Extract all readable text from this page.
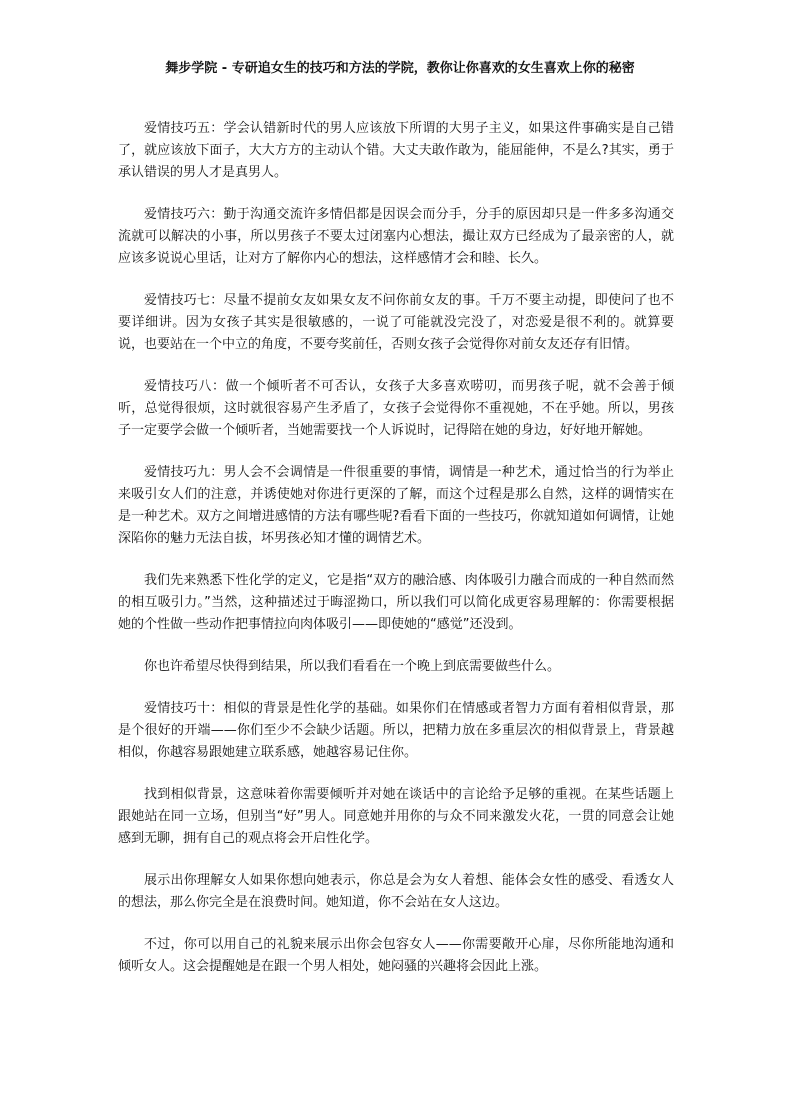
舞步学院 - 专研追女生的技巧和方法的学院，教你让你喜欢的女生喜欢上你的秘密

爱情技巧五：学会认错新时代的男人应该放下所谓的大男子主义，如果这件事确实是自己错了，就应该放下面子，大大方方的主动认个错。大丈夫敢作敢为，能屈能伸，不是么?其实，勇于承认错误的男人才是真男人。

爱情技巧六：勤于沟通交流许多情侣都是因误会而分手，分手的原因却只是一件多多沟通交流就可以解决的小事，所以男孩子不要太过闭塞内心想法，撮让双方已经成为了最亲密的人，就应该多说说心里话，让对方了解你内心的想法，这样感情才会和睦、长久。

爱情技巧七：尽量不提前女友如果女友不问你前女友的事。千万不要主动提，即使问了也不要详细讲。因为女孩子其实是很敏感的，一说了可能就没完没了，对恋爱是很不利的。就算要说，也要站在一个中立的角度，不要夸奖前任，否则女孩子会觉得你对前女友还存有旧情。

爱情技巧八：做一个倾听者不可否认，女孩子大多喜欢唠叨，而男孩子呢，就不会善于倾听，总觉得很烦，这时就很容易产生矛盾了，女孩子会觉得你不重视她，不在乎她。所以，男孩子一定要学会做一个倾听者，当她需要找一个人诉说时，记得陪在她的身边，好好地开解她。

爱情技巧九：男人会不会调情是一件很重要的事情，调情是一种艺术，通过恰当的行为举止来吸引女人们的注意，并诱使她对你进行更深的了解，而这个过程是那么自然，这样的调情实在是一种艺术。双方之间增进感情的方法有哪些呢?看看下面的一些技巧，你就知道如何调情，让她深陷你的魅力无法自拔，坏男孩必知才懂的调情艺术。

我们先来熟悉下性化学的定义，它是指“双方的融洽感、肉体吸引力融合而成的一种自然而然的相互吸引力。”当然，这种描述过于晦涩拗口，所以我们可以简化成更容易理解的：你需要根据她的个性做一些动作把事情拉向肉体吸引——即使她的“感觉”还没到。

你也许希望尽快得到结果，所以我们看看在一个晚上到底需要做些什么。

爱情技巧十：相似的背景是性化学的基础。如果你们在情感或者智力方面有着相似背景，那是个很好的开端——你们至少不会缺少话题。所以，把精力放在多重层次的相似背景上，背景越相似，你越容易跟她建立联系感，她越容易记住你。

找到相似背景，这意味着你需要倾听并对她在谈话中的言论给予足够的重视。在某些话题上跟她站在同一立场，但别当“好”男人。同意她并用你的与众不同来激发火花，一贯的同意会让她感到无聊，拥有自己的观点将会开启性化学。

展示出你理解女人如果你想向她表示，你总是会为女人着想、能体会女性的感受、看透女人的想法，那么你完全是在浪费时间。她知道，你不会站在女人这边。

不过，你可以用自己的礼貌来展示出你会包容女人——你需要敞开心扉，尽你所能地沟通和倾听女人。这会提醒她是在跟一个男人相处，她闷骚的兴趣将会因此上涨。
